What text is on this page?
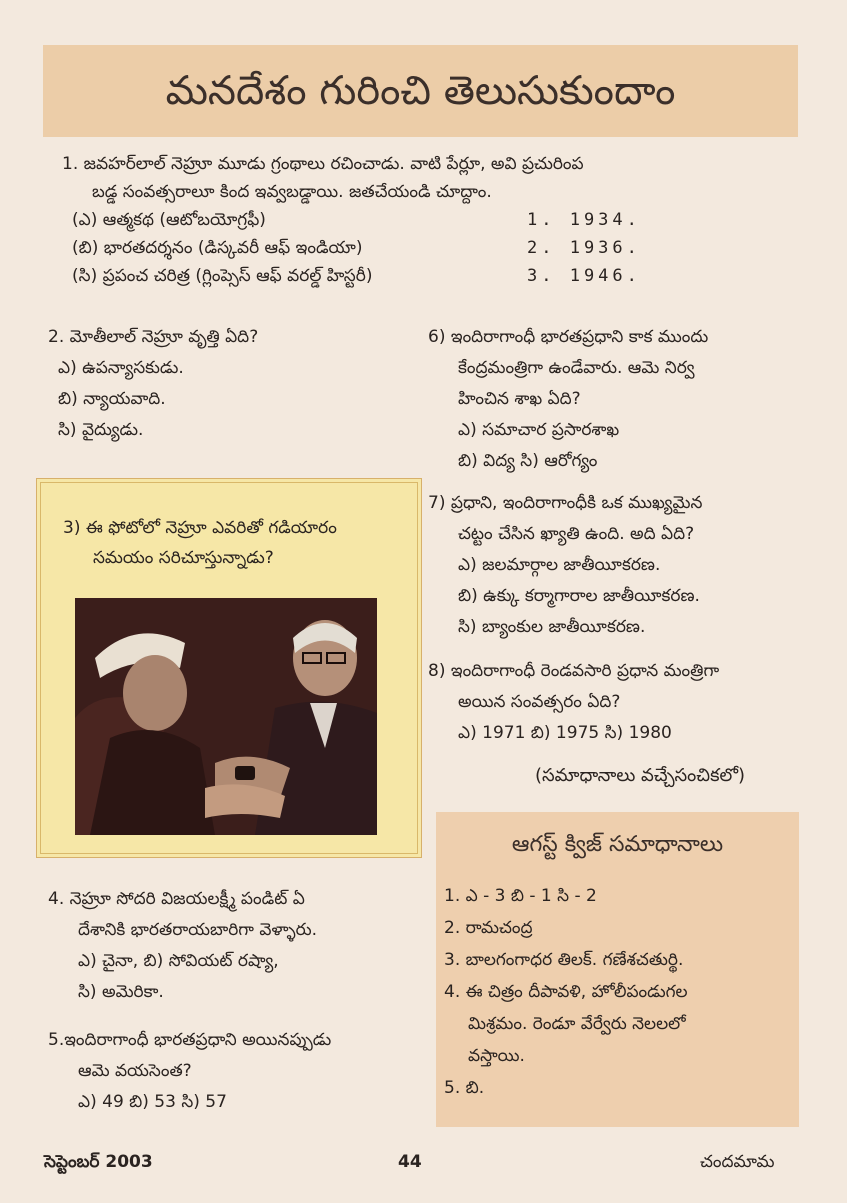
మనదేశం గురించి తెలుసుకుందాం
1. జవహర్‌లాల్ నెహ్రూ మూడు గ్రంథాలు రచించాడు. వాటి పేర్లూ, అవి ప్రచురింప
బడ్డ సంవత్సరాలూ కింద ఇవ్వబడ్డాయి. జతచేయండి చూద్దాం.
(ఎ) ఆత్మకథ (ఆటోబయోగ్రఫీ)	1. 1934.
(బి) భారతదర్శనం (డిస్కవరీ ఆఫ్ ఇండియా)	2. 1936.
(సి) ప్రపంచ చరిత్ర (గ్లింప్సెస్ ఆఫ్ వరల్డ్ హిస్టరీ)	3. 1946.
2. మోతీలాల్ నెహ్రూ వృత్తి ఏది?
ఎ) ఉపన్యాసకుడు.
బి) న్యాయవాది.
సి) వైద్యుడు.
3) ఈ ఫోటోలో నెహ్రూ ఎవరితో గడియారం
సమయం సరిచూస్తున్నాడు?
6) ఇందిరాగాంధీ భారతప్రధాని కాక ముందు
కేంద్రమంత్రిగా ఉండేవారు. ఆమె నిర్వ
హించిన శాఖ ఏది?
ఎ) సమాచార ప్రసారశాఖ
బి) విద్య సి) ఆరోగ్యం
7) ప్రధాని, ఇందిరాగాంధీకి ఒక ముఖ్యమైన
చట్టం చేసిన ఖ్యాతి ఉంది. అది ఏది?
ఎ) జలమార్గాల జాతీయీకరణ.
బి) ఉక్కు కర్మాగారాల జాతీయీకరణ.
సి) బ్యాంకుల జాతీయీకరణ.
8) ఇందిరాగాంధీ రెండవసారి ప్రధాన మంత్రిగా
అయిన సంవత్సరం ఏది?
ఎ) 1971 బి) 1975 సి) 1980
(సమాధానాలు వచ్చేసంచికలో)
4. నెహ్రూ సోదరి విజయలక్ష్మీ పండిట్ ఏ
దేశానికి భారతరాయబారిగా వెళ్ళారు.
ఎ) చైనా, బి) సోవియట్ రష్యా,
సి) అమెరికా.
5.ఇందిరాగాంధీ భారతప్రధాని అయినప్పుడు
ఆమె వయసెంత?
ఎ) 49 బి) 53 సి) 57
ఆగస్ట్ క్విజ్ సమాధానాలు
1. ఎ - 3 బి - 1 సి - 2
2. రామచంద్ర
3. బాలగంగాధర తిలక్. గణేశచతుర్థి.
4. ఈ చిత్రం దీపావళి, హోలీపండుగల
మిశ్రమం. రెండూ వేర్వేరు నెలలలో
వస్తాయి.
5. బి.
సెప్టెంబర్ 2003	44	చందమామ
